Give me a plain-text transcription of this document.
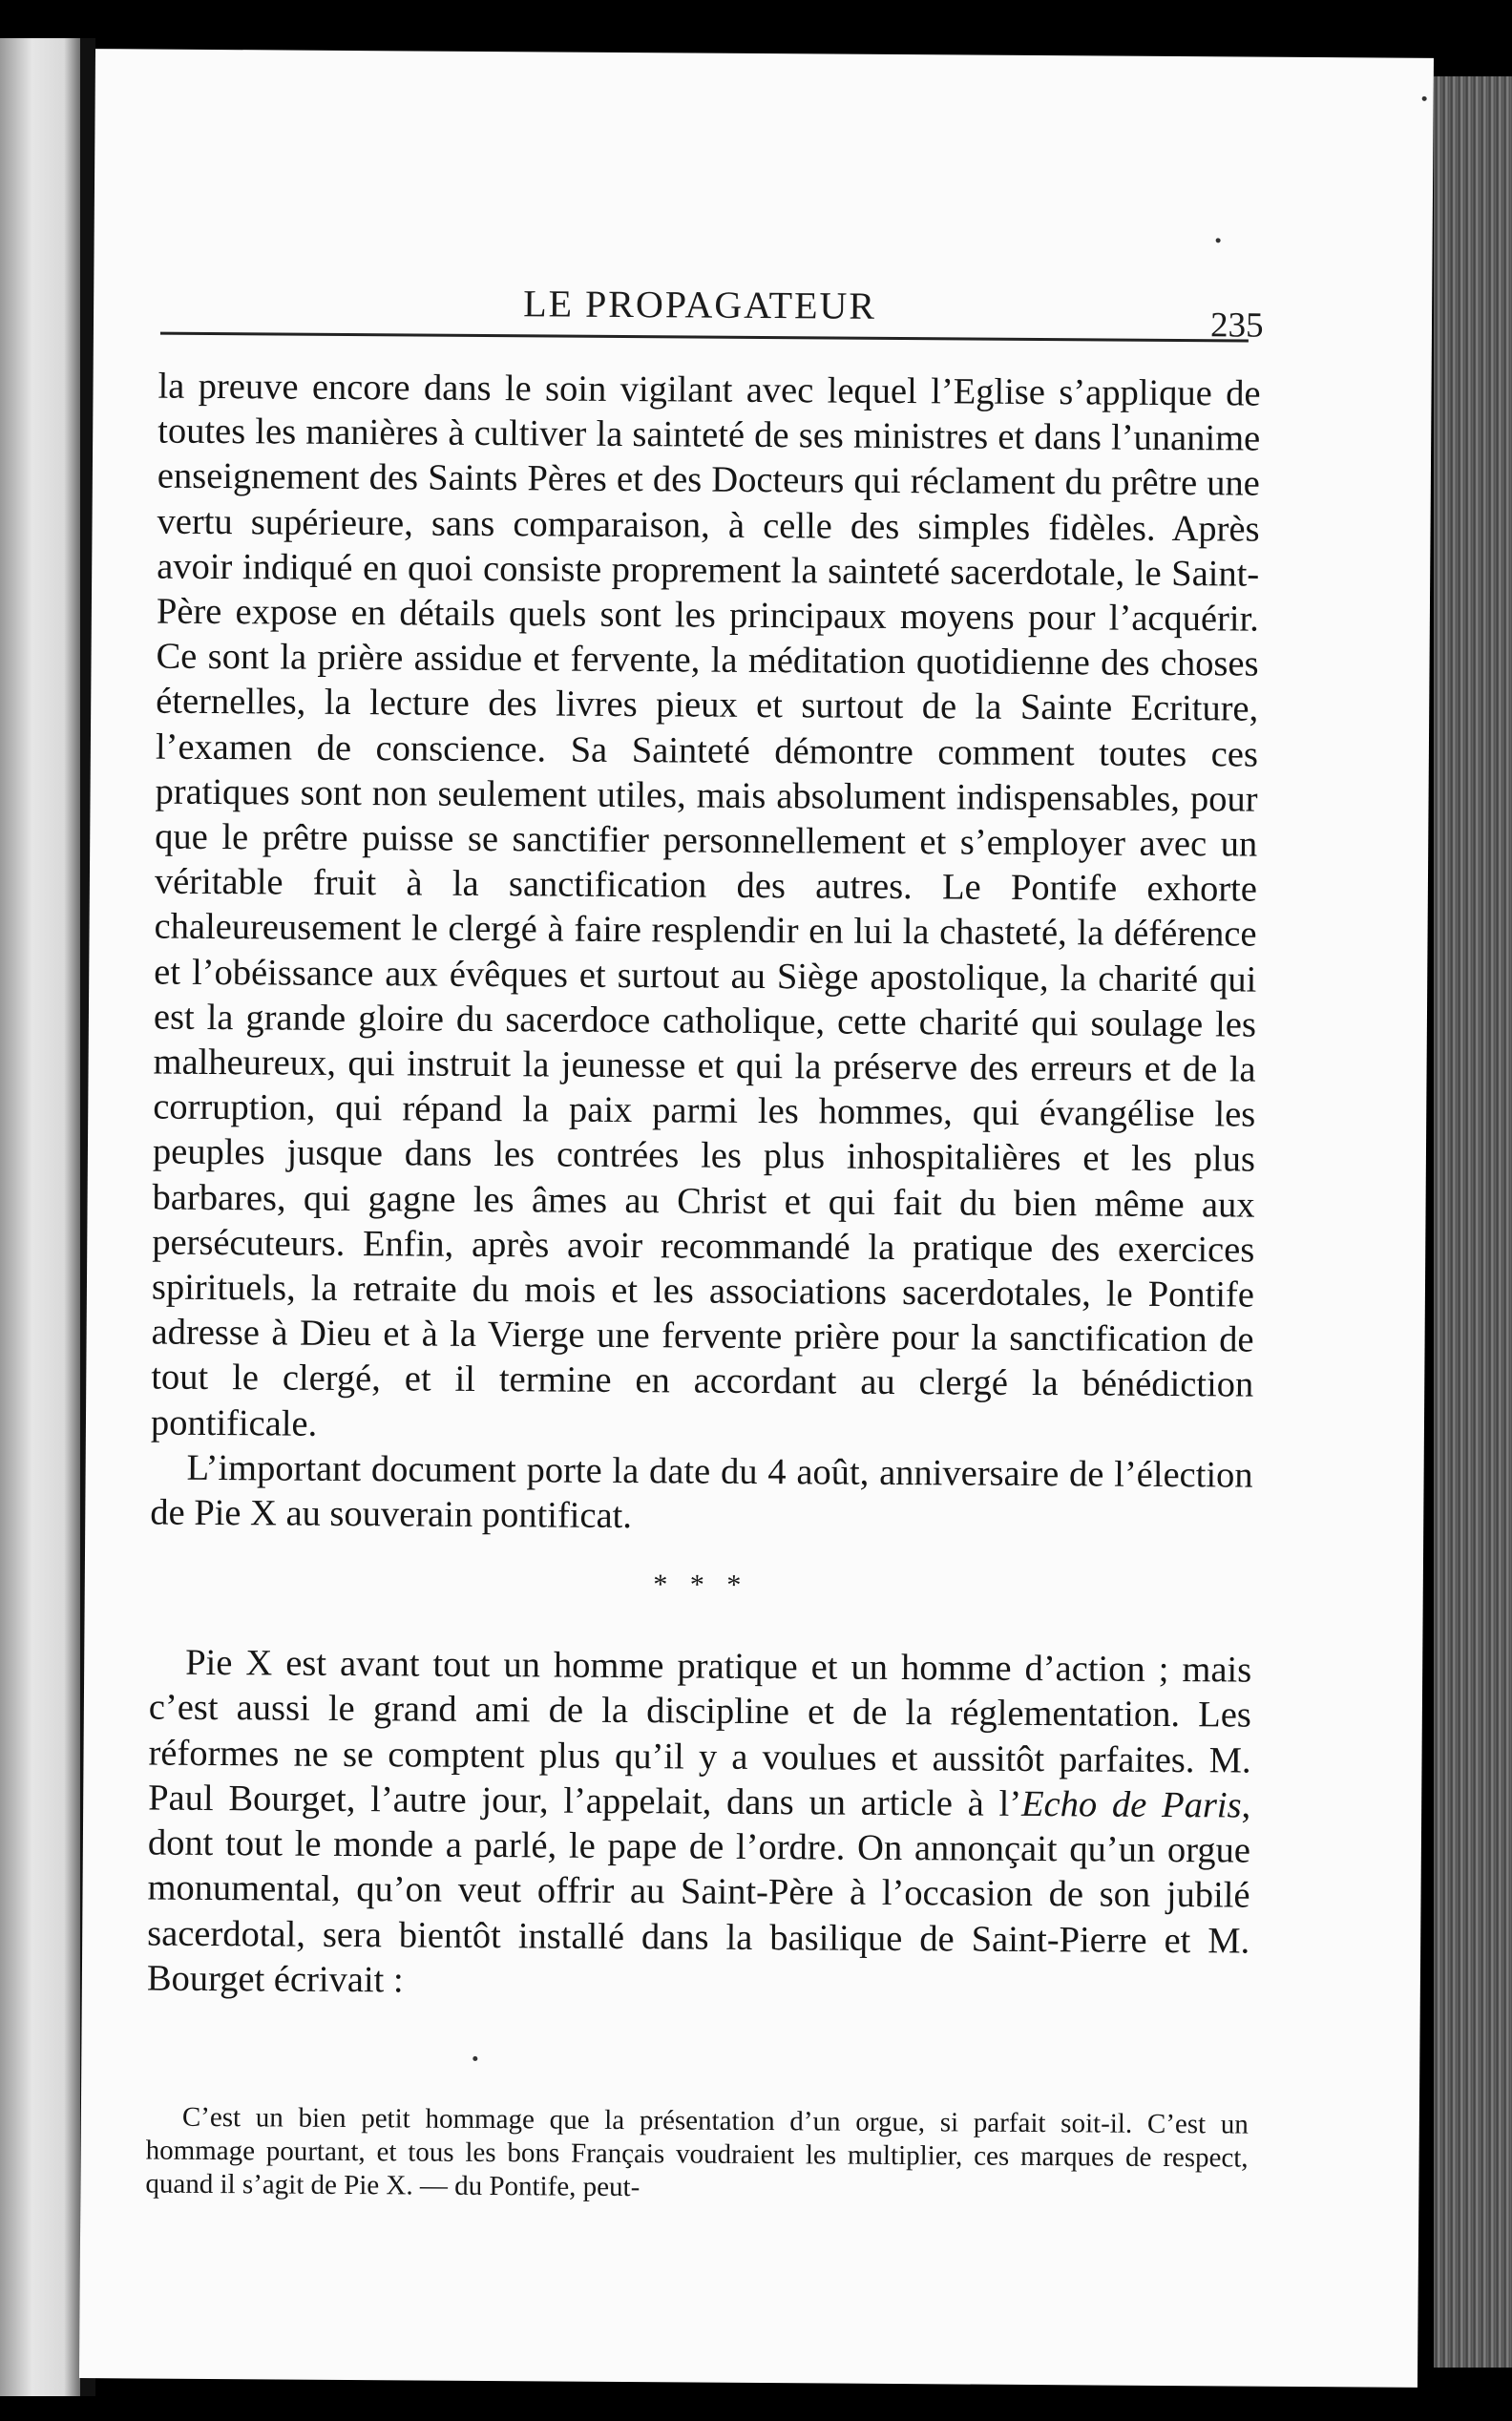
LE PROPAGATEUR	235

la preuve encore dans le soin vigilant avec lequel l’Eglise s’applique de toutes les manières à cultiver la sainteté de ses ministres et dans l’unanime enseignement des Saints Pères et des Docteurs qui réclament du prêtre une vertu supérieure, sans comparaison, à celle des simples fidèles. Après avoir indiqué en quoi consiste proprement la sainteté sacerdotale, le Saint-Père expose en détails quels sont les principaux moyens pour l’acquérir. Ce sont la prière assidue et fervente, la méditation quotidienne des choses éternelles, la lecture des livres pieux et surtout de la Sainte Ecriture, l’examen de conscience. Sa Sainteté démontre comment toutes ces pratiques sont non seulement utiles, mais absolument indispensables, pour que le prêtre puisse se sanctifier personnellement et s’employer avec un véritable fruit à la sanctification des autres. Le Pontife exhorte chaleureusement le clergé à faire resplendir en lui la chasteté, la déférence et l’obéissance aux évêques et surtout au Siège apostolique, la charité qui est la grande gloire du sacerdoce catholique, cette charité qui soulage les malheureux, qui instruit la jeunesse et qui la préserve des erreurs et de la corruption, qui répand la paix parmi les hommes, qui évangélise les peuples jusque dans les contrées les plus inhospitalières et les plus barbares, qui gagne les âmes au Christ et qui fait du bien même aux persécuteurs. Enfin, après avoir recommandé la pratique des exercices spirituels, la retraite du mois et les associations sacerdotales, le Pontife adresse à Dieu et à la Vierge une fervente prière pour la sanctification de tout le clergé, et il termine en accordant au clergé la bénédiction pontificale.

L’important document porte la date du 4 août, anniversaire de l’élection de Pie X au souverain pontificat.

* * *

Pie X est avant tout un homme pratique et un homme d’action ; mais c’est aussi le grand ami de la discipline et de la réglementation. Les réformes ne se comptent plus qu’il y a voulues et aussitôt parfaites. M. Paul Bourget, l’autre jour, l’appelait, dans un article à l’Echo de Paris, dont tout le monde a parlé, le pape de l’ordre. On annonçait qu’un orgue monumental, qu’on veut offrir au Saint-Père à l’occasion de son jubilé sacerdotal, sera bientôt installé dans la basilique de Saint-Pierre et M. Bourget écrivait :

C’est un bien petit hommage que la présentation d’un orgue, si parfait soit-il. C’est un hommage pourtant, et tous les bons Français voudraient les multiplier, ces marques de respect, quand il s’agit de Pie X. — du Pontife, peut-
